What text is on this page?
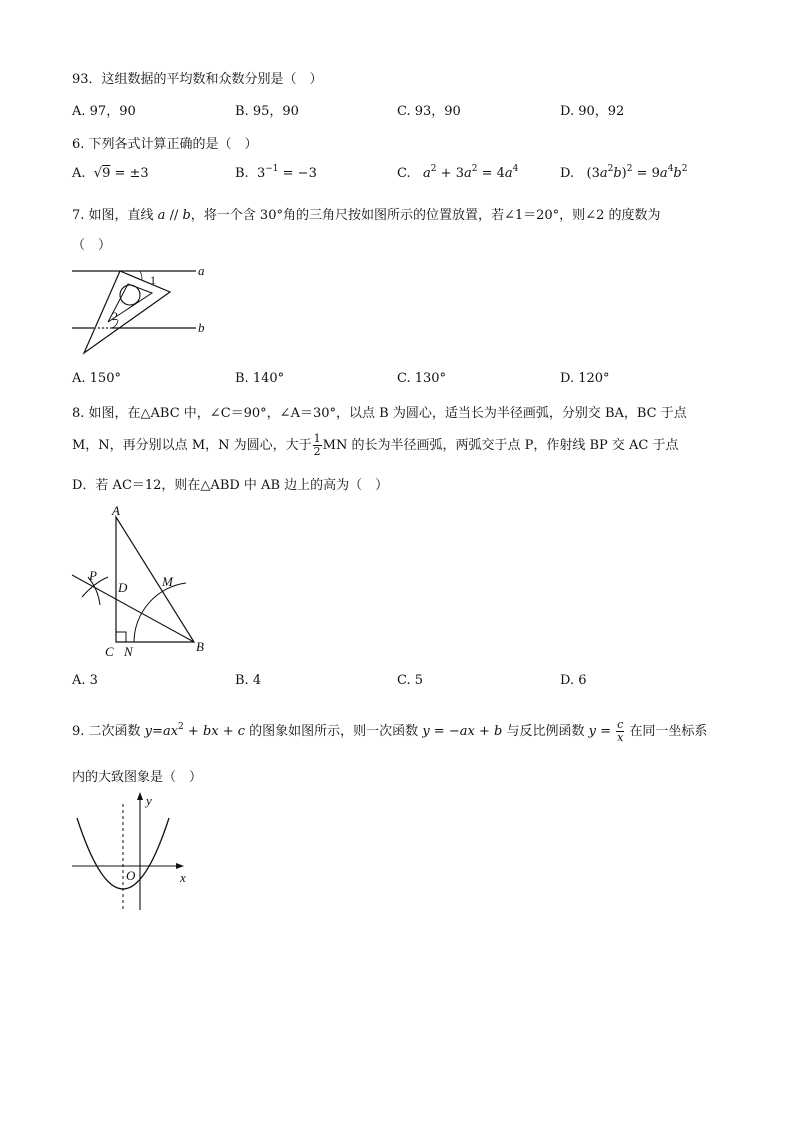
93．这组数据的平均数和众数分别是（　）
A. 97，90	B. 95，90	C. 93，90	D. 90，92
6. 下列各式计算正确的是（　）
A.  √9 = ±3	B.  $3^{-1} = -3$	C. $a^2 + 3a^2 = 4a^4$	D.   $(3a^2b)^2 = 9a^4b^2$
7. 如图，直线 a // b，将一个含 30°角的三角尺按如图所示的位置放置，若∠1＝20°，则∠2 的度数为
（　）
a
b
1
2
A. 150°	B. 140°	C. 130°	D. 120°
8. 如图，在△ABC 中，∠C＝90°，∠A＝30°，以点 B 为圆心，适当长为半径画弧，分别交 BA，BC 于点
M，N，再分别以点 M，N 为圆心，大于 $\frac{1}{2}$ MN 的长为半径画弧，两弧交于点 P，作射线 BP 交 AC 于点
D．若 AC＝12，则在△ABD 中 AB 边上的高为（　）
A
P
D	M
B
C N
A. 3	B. 4	C. 5	D. 6
9. 二次函数 $y=ax^2$ + bx + c 的图象如图所示，则一次函数 y = −ax + b 与反比例函数 $y = \frac{c}{x}$ 在同一坐标系
内的大致图象是（　）
y
x
O
